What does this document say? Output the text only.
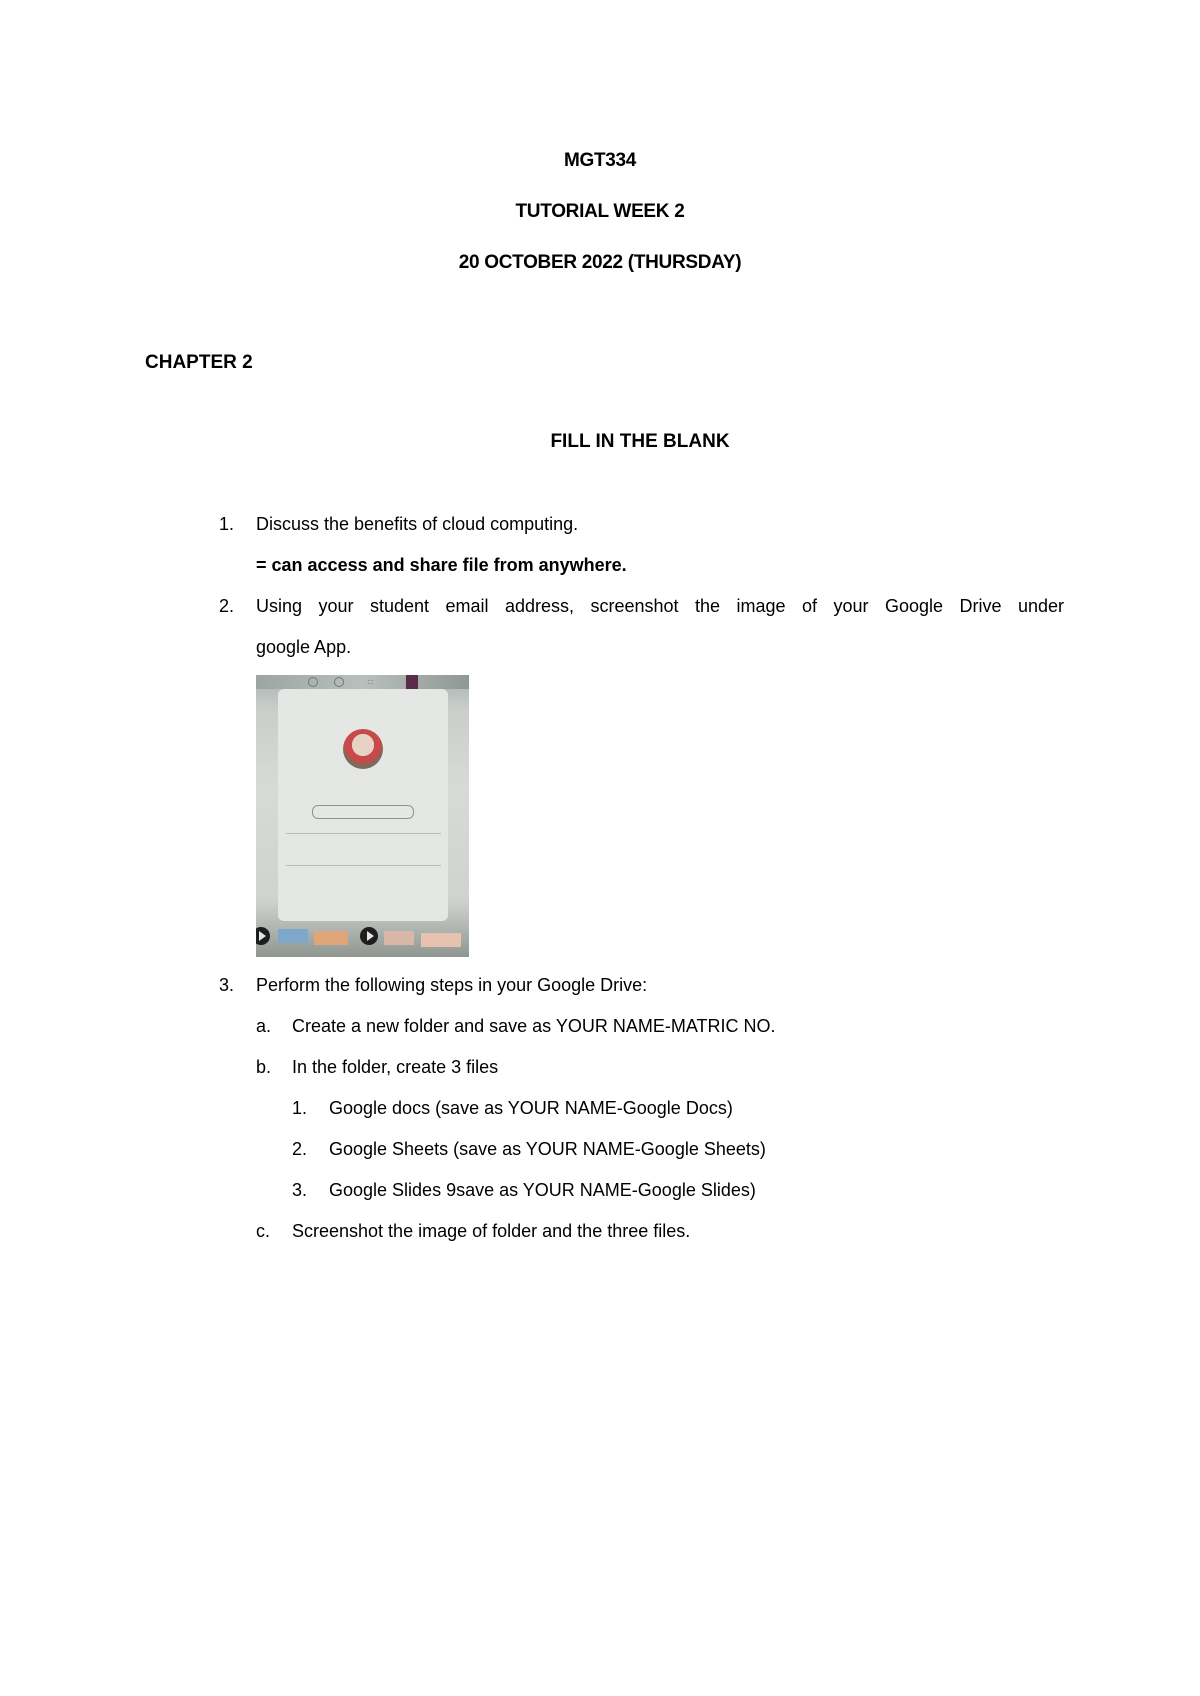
MGT334
TUTORIAL WEEK 2
20 OCTOBER 2022 (THURSDAY)
CHAPTER 2
FILL IN THE BLANK
1. Discuss the benefits of cloud computing.
= can access and share file from anywhere.
2. Using your student email address, screenshot the image of your Google Drive under
google App.
∷
3. Perform the following steps in your Google Drive:
a. Create a new folder and save as YOUR NAME-MATRIC NO.
b. In the folder, create 3 files
1. Google docs (save as YOUR NAME-Google Docs)
2. Google Sheets (save as YOUR NAME-Google Sheets)
3. Google Slides 9save as YOUR NAME-Google Slides)
c. Screenshot the image of folder and the three files.
